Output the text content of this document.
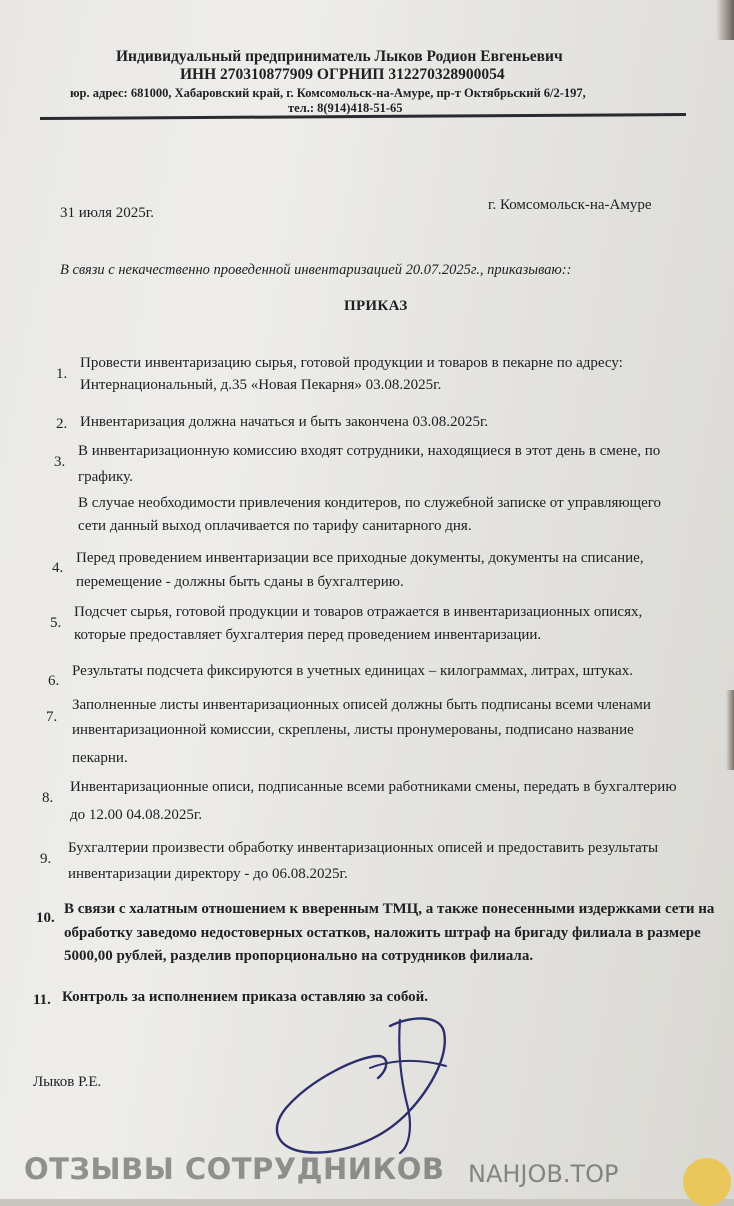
Индивидуальный предприниматель Лыков Родион Евгеньевич
ИНН 270310877909 ОГРНИП 312270328900054
юр. адрес: 681000, Хабаровский край, г. Комсомольск-на-Амуре, пр-т Октябрьский 6/2-197,
тел.: 8(914)418-51-65
31 июля 2025г.	г. Комсомольск-на-Амуре
В связи с некачественно проведенной инвентаризацией 20.07.2025г., приказываю::
ПРИКАЗ
1.
Провести инвентаризацию сырья, готовой продукции и товаров в пекарне по адресу:
Интернациональный, д.35 «Новая Пекарня» 03.08.2025г.
2. Инвентаризация должна начаться и быть закончена 03.08.2025г.
3.
В инвентаризационную комиссию входят сотрудники, находящиеся в этот день в смене, по
графику.
В случае необходимости привлечения кондитеров, по служебной записке от управляющего
сети данный выход оплачивается по тарифу санитарного дня.
4.
Перед проведением инвентаризации все приходные документы, документы на списание,
перемещение - должны быть сданы в бухгалтерию.
5.
Подсчет сырья, готовой продукции и товаров отражается в инвентаризационных описях,
которые предоставляет бухгалтерия перед проведением инвентаризации.
6.
Результаты подсчета фиксируются в учетных единицах – килограммах, литрах, штуках.
7.
Заполненные листы инвентаризационных описей должны быть подписаны всеми членами
инвентаризационной комиссии, скреплены, листы пронумерованы, подписано название
пекарни.
8.
Инвентаризационные описи, подписанные всеми работниками смены, передать в бухгалтерию
до 12.00 04.08.2025г.
9.
Бухгалтерии произвести обработку инвентаризационных описей и предоставить результаты
инвентаризации директору - до 06.08.2025г.
10.
В связи с халатным отношением к вверенным ТМЦ, а также понесенными издержками сети на
обработку заведомо недостоверных остатков, наложить штраф на бригаду филиала в размере
5000,00 рублей, разделив пропорционально на сотрудников филиала.
11. Контроль за исполнением приказа оставляю за собой.
Лыков Р.Е.
ОТЗЫВЫ СОТРУДНИКОВ NAHJOB.TOP
